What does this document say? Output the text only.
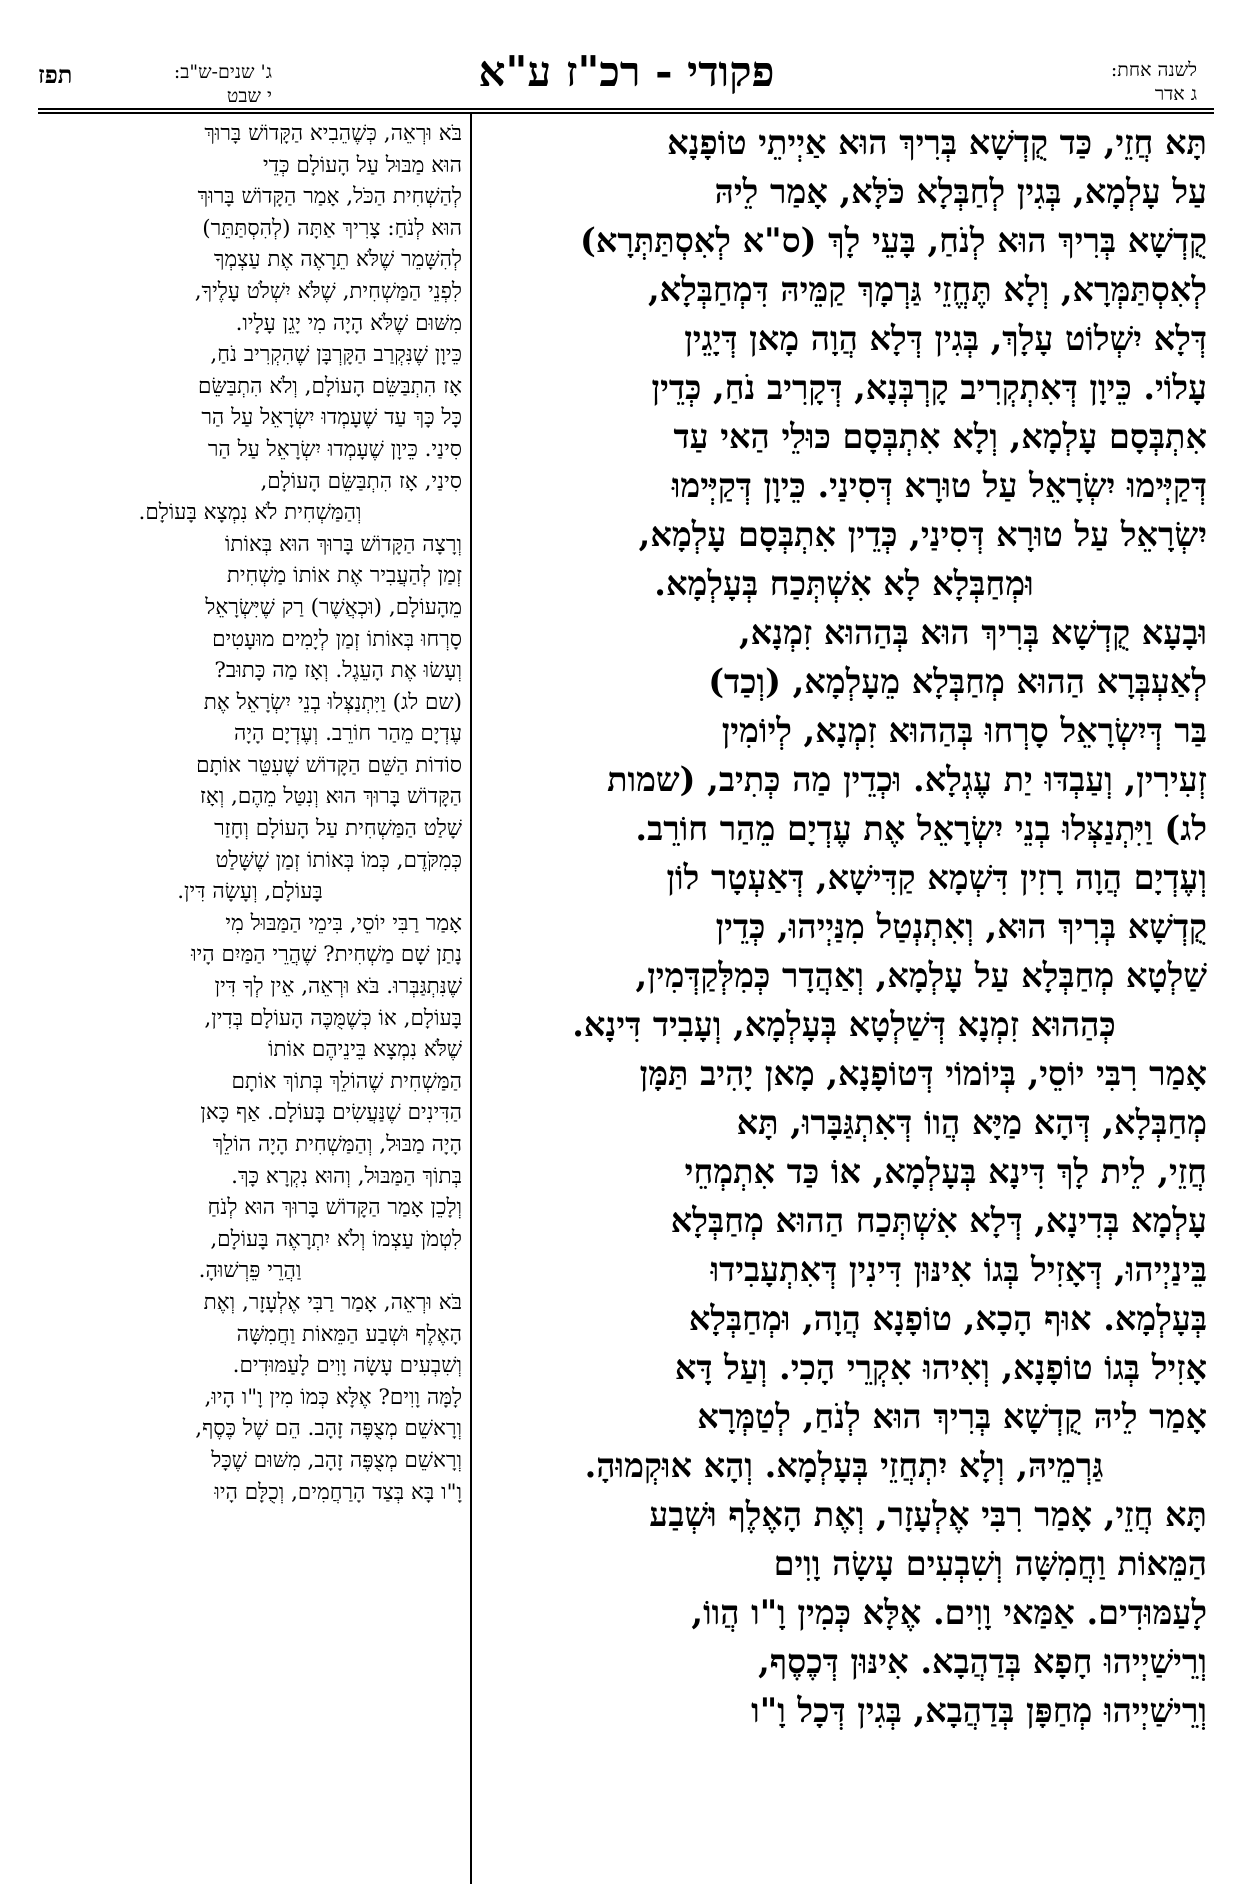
לשנה אחת:
ג אדר
פקודי - רכ"ז ע"א
ג' שנים-ש"ב:
י שבט
תפז
תָּא חֲזֵי, כַּד קֻדְשָׁא בְּרִיךְ הוּא אַיְיתֵי טוֹפָנָא
עַל עָלְמָא, בְּגִין לְחַבְּלָא כֹּלָּא, אָמַר לֵיהּ
קֻדְשָׁא בְּרִיךְ הוּא לְנֹחַ, בָּעֵי לָךְ (ס"א לְאִסְתַּתְּרָא)
לְאִסְתַּמְּרָא, וְלָא תֶּחֱזֵי גַּרְמָךְ קַמֵּיהּ דִּמְחַבְּלָא,
דְּלָא יִשְׁלוֹט עָלָךְ, בְּגִין דְּלָא הֲוָה מָאן דְּיָגֵין
עָלוֹי. כֵּיוָן דְּאִתְקְרִיב קָרְבְּנָא, דְּקָרִיב נֹחַ, כְּדֵין
אִתְבְּסָם עָלְמָא, וְלָא אִתְבְּסָם כּוּלֵי הַאי עַד
דְּקַיְּימוּ יִשְׂרָאֵל עַל טוּרָא דְּסִינַי. כֵּיוָן דְּקַיְּימוּ
יִשְׂרָאֵל עַל טוּרָא דְּסִינַי, כְּדֵין אִתְבְּסָם עָלְמָא,
וּמְחַבְּלָא לָא אִשְׁתְּכַח בְּעָלְמָא.
וּבָעָא קֻדְשָׁא בְּרִיךְ הוּא בְּהַהוּא זִמְנָא,
לְאַעְבְּרָא הַהוּא מְחַבְּלָא מֵעָלְמָא, (וְכַד)
בַּר דְּיִשְׂרָאֵל סָרְחוּ בְּהַהוּא זִמְנָא, לְיוֹמִין
זְעִירִין, וְעַבְדּוּ יַת עֶגְלָא. וּכְדֵין מַה כְּתִיב, (שמות
לג) וַיִּתְנַצְּלוּ בְנֵי יִשְׂרָאֵל אֶת עֶדְיָם מֵהַר חוֹרֵב.
וְעֶדְיָם הֲוָה רָזִין דִּשְׁמָא קַדִּישָׁא, דְּאַעְטָר לוֹן
קֻדְשָׁא בְּרִיךְ הוּא, וְאִתְנְטַל מִנַּיְיהוּ, כְּדֵין
שַׁלְטָא מְחַבְּלָא עַל עָלְמָא, וְאַהֲדָר כְּמִלְּקַדְּמִין,
כְּהַהוּא זִמְנָא דְּשַׁלְטָא בְּעָלְמָא, וְעָבִיד דִּינָא.
אָמַר רִבִּי יוֹסֵי, בְּיוֹמוֹי דְּטוֹפָנָא, מָאן יָהִיב תַּמָּן
מְחַבְּלָא, דְּהָא מַיָּא הֲווֹ דְּאִתְגַּבָּרוּ, תָּא
חֲזֵי, לֵית לָךְ דִּינָא בְּעָלְמָא, אוֹ כַּד אִתְמְחֵי
עָלְמָא בְּדִינָא, דְּלָא אִשְׁתְּכַח הַהוּא מְחַבְּלָא
בֵּינַיְיהוּ, דְּאָזִיל בְּגוֹ אִינּוּן דִּינִין דְּאִתְעָבִידוּ
בְּעָלְמָא. אוּף הָכָא, טוֹפָנָא הֲוָה, וּמְחַבְּלָא
אָזִיל בְּגוֹ טוֹפָנָא, וְאִיהוּ אִקְרֵי הָכִי. וְעַל דָּא
אָמַר לֵיהּ קֻדְשָׁא בְּרִיךְ הוּא לְנֹחַ, לְטַמְּרָא
גַּרְמֵיהּ, וְלָא יִתְחֲזֵי בְּעָלְמָא. וְהָא אוּקְמוּהָ.
תָּא חֲזֵי, אָמַר רִבִּי אֶלְעָזָר, וְאֶת הָאֶלֶף וּשְׁבַע
הַמֵּאוֹת וַחֲמִשָּׁה וְשִׁבְעִים עָשָׂה וָוִים
לָעַמּוּדִים. אַמַּאי וָוִים. אֶלָּא כְּמִין וָ"ו הֲווֹ,
וְרֵישַׁיְיהוּ חָפָא בְּדַהֲבָא. אִינּוּן דְּכֶסֶף,
וְרֵישַׁיְיהוּ מְחַפָּן בְּדַהֲבָא, בְּגִין דְּכָל וָ"ו
בֹּא וּרְאֵה, כְּשֶׁהֵבִיא הַקָּדוֹשׁ בָּרוּךְ
הוּא מַבּוּל עַל הָעוֹלָם כְּדֵי
לְהַשְׁחִית הַכֹּל, אָמַר הַקָּדוֹשׁ בָּרוּךְ
הוּא לְנֹחַ: צָרִיךְ אַתָּה (לְהִסְתַּתֵּר)
לְהִשָּׁמֵר שֶׁלֹּא תֵרָאֶה אֶת עַצְמְךָ
לִפְנֵי הַמַּשְׁחִית, שֶׁלֹּא יִשְׁלֹט עָלֶיךָ,
מִשּׁוּם שֶׁלֹּא הָיָה מִי יָגֵן עָלָיו.
כֵּיוָן שֶׁנִּקְרַב הַקָּרְבָּן שֶׁהִקְרִיב נֹחַ,
אָז הִתְבַּשֵּׂם הָעוֹלָם, וְלֹא הִתְבַּשֵּׂם
כָּל כָּךְ עַד שֶׁעָמְדוּ יִשְׂרָאֵל עַל הַר
סִינַי. כֵּיוָן שֶׁעָמְדוּ יִשְׂרָאֵל עַל הַר
סִינַי, אָז הִתְבַּשֵּׂם הָעוֹלָם,
וְהַמַּשְׁחִית לֹא נִמְצָא בָּעוֹלָם.
וְרָצָה הַקָּדוֹשׁ בָּרוּךְ הוּא בְּאוֹתוֹ
זְמַן לְהַעֲבִיר אֶת אוֹתוֹ מַשְׁחִית
מֵהָעוֹלָם, (וּכְאֲשֶׁר) רַק שֶׁיִּשְׂרָאֵל
סָרְחוּ בְּאוֹתוֹ זְמַן לְיָמִים מוּעָטִים
וְעָשׂוּ אֶת הָעֵגֶל. וְאָז מַה כָּתוּב?
(שם לג) וַיִּתְנַצְּלוּ בְנֵי יִשְׂרָאֵל אֶת
עֶדְיָם מֵהַר חוֹרֵב. וְעֶדְיָם הָיָה
סוֹדוֹת הַשֵּׁם הַקָּדוֹשׁ שֶׁעִטֵּר אוֹתָם
הַקָּדוֹשׁ בָּרוּךְ הוּא וְנִטַּל מֵהֶם, וְאָז
שָׁלַט הַמַּשְׁחִית עַל הָעוֹלָם וְחָזַר
כְּמִקֹּדֶם, כְּמוֹ בְּאוֹתוֹ זְמַן שֶׁשָּׁלַט
בָּעוֹלָם, וְעָשָׂה דִּין.
אָמַר רַבִּי יוֹסֵי, בִּימֵי הַמַּבּוּל מִי
נָתַן שָׁם מַשְׁחִית? שֶׁהֲרֵי הַמַּיִם הָיוּ
שֶׁנִּתְגַּבְּרוּ. בֹּא וּרְאֵה, אֵין לְךָ דִּין
בָּעוֹלָם, אוֹ כְּשֶׁמֻּכֶּה הָעוֹלָם בְּדִין,
שֶׁלֹּא נִמְצָא בֵּינֵיהֶם אוֹתוֹ
הַמַּשְׁחִית שֶׁהוֹלֵךְ בְּתוֹךְ אוֹתָם
הַדִּינִים שֶׁנַּעֲשִׂים בָּעוֹלָם. אַף כָּאן
הָיָה מַבּוּל, וְהַמַּשְׁחִית הָיָה הוֹלֵךְ
בְּתוֹךְ הַמַּבּוּל, וְהוּא נִקְרָא כָּךְ.
וְלָכֵן אָמַר הַקָּדוֹשׁ בָּרוּךְ הוּא לְנֹחַ
לִטְמֹן עַצְמוֹ וְלֹא יִתְרָאֶה בָּעוֹלָם,
וַהֲרֵי פֵּרְשׁוּהָ.
בֹּא וּרְאֵה, אָמַר רַבִּי אֶלְעָזָר, וְאֶת
הָאֶלֶף וּשְׁבַע הַמֵּאוֹת וַחֲמִשָּׁה
וְשִׁבְעִים עָשָׂה וָוִים לָעַמּוּדִים.
לָמָּה וָוִים? אֶלָּא כְּמוֹ מִין וָ"ו הָיוּ,
וְרָאשֵׁם מְצֻפֶּה זָהָב. הֵם שֶׁל כֶּסֶף,
וְרָאשֵׁם מְצֻפֶּה זָהָב, מִשּׁוּם שֶׁכָּל
וָ"ו בָּא בְּצַד הָרַחֲמִים, וְכֻלָּם הָיוּ
